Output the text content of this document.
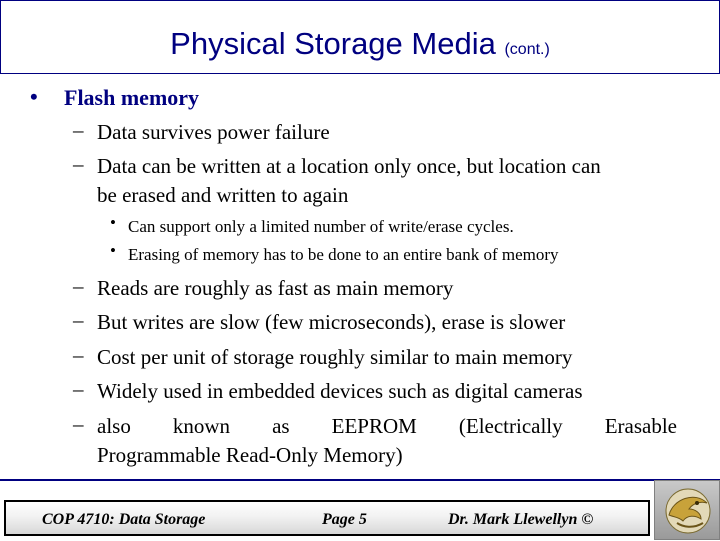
Physical Storage Media (cont.)
• Flash memory
– Data survives power failure
– Data can be written at a location only once, but location can
be erased and written to again
• Can support only a limited number of write/erase cycles.
• Erasing of memory has to be done to an entire bank of memory
– Reads are roughly as fast as main memory
– But writes are slow (few microseconds), erase is slower
– Cost per unit of storage roughly similar to main memory
– Widely used in embedded devices such as digital cameras
– also known as EEPROM (Electrically Erasable
Programmable Read-Only Memory)
COP 4710: Data Storage	Page 5	Dr. Mark Llewellyn ©
